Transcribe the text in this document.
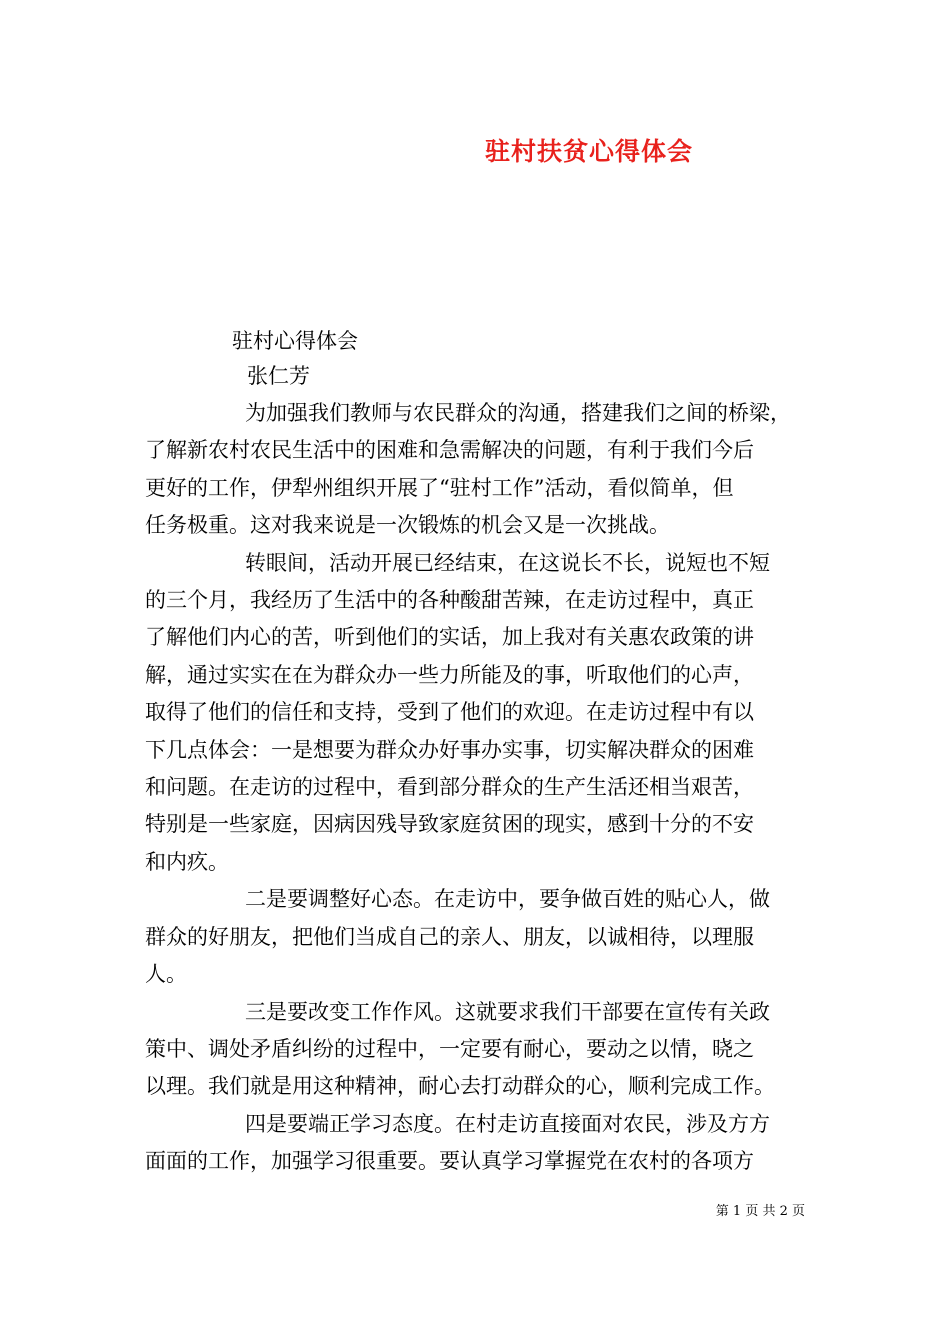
驻村扶贫心得体会
驻村心得体会
张仁芳

为加强我们教师与农民群众的沟通，搭建我们之间的桥梁，
了解新农村农民生活中的困难和急需解决的问题，有利于我们今后
更好的工作，伊犁州组织开展了“驻村工作”活动，看似简单，但
任务极重。这对我来说是一次锻炼的机会又是一次挑战。

转眼间，活动开展已经结束，在这说长不长，说短也不短
的三个月，我经历了生活中的各种酸甜苦辣，在走访过程中，真正
了解他们内心的苦，听到他们的实话，加上我对有关惠农政策的讲
解，通过实实在在为群众办一些力所能及的事，听取他们的心声，
取得了他们的信任和支持，受到了他们的欢迎。在走访过程中有以
下几点体会：一是想要为群众办好事办实事，切实解决群众的困难
和问题。在走访的过程中，看到部分群众的生产生活还相当艰苦，
特别是一些家庭，因病因残导致家庭贫困的现实，感到十分的不安
和内疚。

二是要调整好心态。在走访中，要争做百姓的贴心人，做
群众的好朋友，把他们当成自己的亲人、朋友，以诚相待，以理服
人。

三是要改变工作作风。这就要求我们干部要在宣传有关政
策中、调处矛盾纠纷的过程中，一定要有耐心，要动之以情，晓之
以理。我们就是用这种精神，耐心去打动群众的心，顺利完成工作。

四是要端正学习态度。在村走访直接面对农民，涉及方方
面面的工作，加强学习很重要。要认真学习掌握党在农村的各项方

第 1 页 共 2 页
